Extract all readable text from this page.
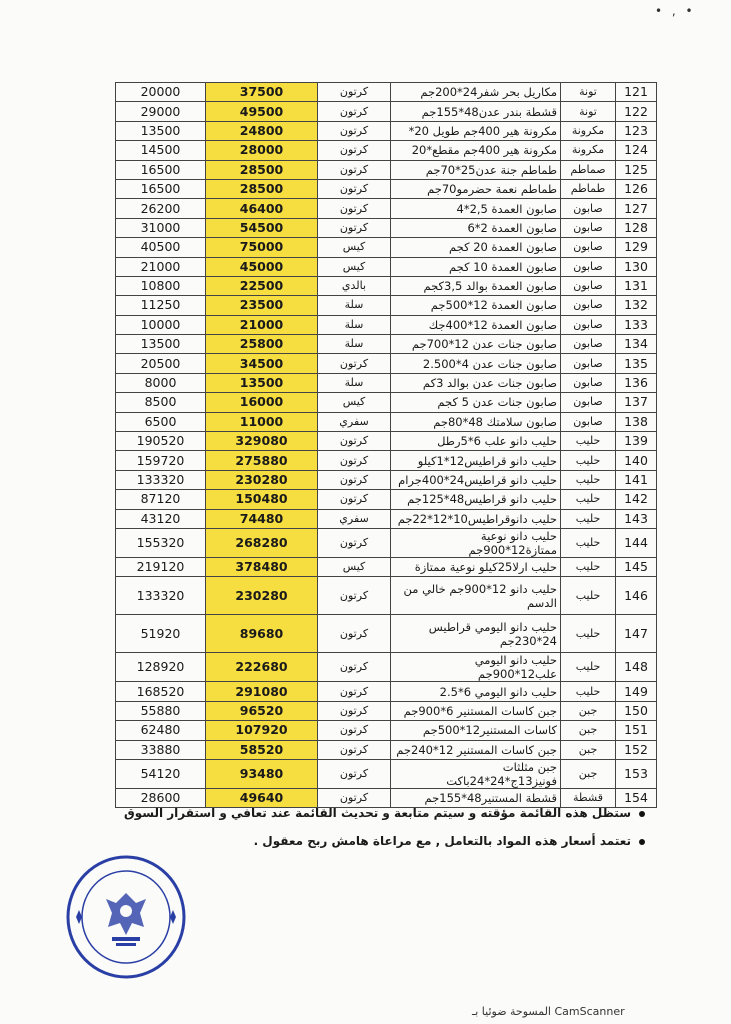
• , •
20000	37500	كرتون	مكاريل بحر شفر24*200جم	تونة	121
29000	49500	كرتون	قشطة بندر عدن48*155جم	تونة	122
13500	24800	كرتون	مكرونة هير 400جم طويل 20*	مكرونة	123
14500	28000	كرتون	مكرونة هير 400جم مقطع*20	مكرونة	124
16500	28500	كرتون	طماطم جنة عدن25*70جم	صماطم	125
16500	28500	كرتون	طماطم نعمة حضرمو70جم	طماطم	126
26200	46400	كرتون	صابون العمدة 2,5*4	صابون	127
31000	54500	كرتون	صابون العمدة 2*6	صابون	128
40500	75000	كيس	صابون العمدة 20 كجم	صابون	129
21000	45000	كيس	صابون العمدة 10 كجم	صابون	130
10800	22500	بالدي	صابون العمدة بوالد 3,5كجم	صابون	131
11250	23500	سلة	صابون العمدة 12*500جم	صابون	132
10000	21000	سلة	صابون العمدة 12*400جك	صابون	133
13500	25800	سلة	صابون جنات عدن 12*700جم	صابون	134
20500	34500	كرتون	صابون جنات عدن 4*2.500	صابون	135
8000	13500	سلة	صابون جنات عدن بوالد 3كم	صابون	136
8500	16000	كيس	صابون جنات عدن 5 كجم	صابون	137
6500	11000	سفري	صابون سلامتك 48*80جم	صابون	138
190520	329080	كرتون	حليب دانو علب 6*5رطل	حليب	139
159720	275880	كرتون	حليب دانو قراطيس12*1كيلو	حليب	140
133320	230280	كرتون	حليب دانو قراطيس24*400جرام	حليب	141
87120	150480	كرتون	حليب دانو قراطيس48*125جم	حليب	142
43120	74480	سفري	حليب دانوقراطيس10*12*22جم	حليب	143
155320	268280	كرتون	حليب دانو نوعية ممتازة12*900جم	حليب	144
219120	378480	كيس	حليب ارلا25كيلو نوعية ممتازة	حليب	145
133320	230280	كرتون	حليب دانو 12*900جم خالي من الدسم	حليب	146
51920	89680	كرتون	حليب دانو اليومي قراطيس 24*230جم	حليب	147
128920	222680	كرتون	حليب دانو اليومي علب12*900جم	حليب	148
168520	291080	كرتون	حليب دانو اليومي 6*2.5	حليب	149
55880	96520	كرتون	جبن كاسات المستنير 6*900جم	جبن	150
62480	107920	كرتون	كاسات المستنير12*500جم	جبن	151
33880	58520	كرتون	جبن كاسات المستنير 12*240جم	جبن	152
54120	93480	كرتون	جبن مثلثات فونيز13ج*24*24باكت	جبن	153
28600	49640	كرتون	قشطة المستنير48*155جم	قشطة	154
ستظل هذه القائمة مؤقته و سيتم متابعة و تحديث القائمة عند تعافي و استقرار السوق
تعتمد أسعار هذه المواد بالتعامل , مع مراعاة هامش ربح معقول .
المسوحة ضوئيا بـ CamScanner
